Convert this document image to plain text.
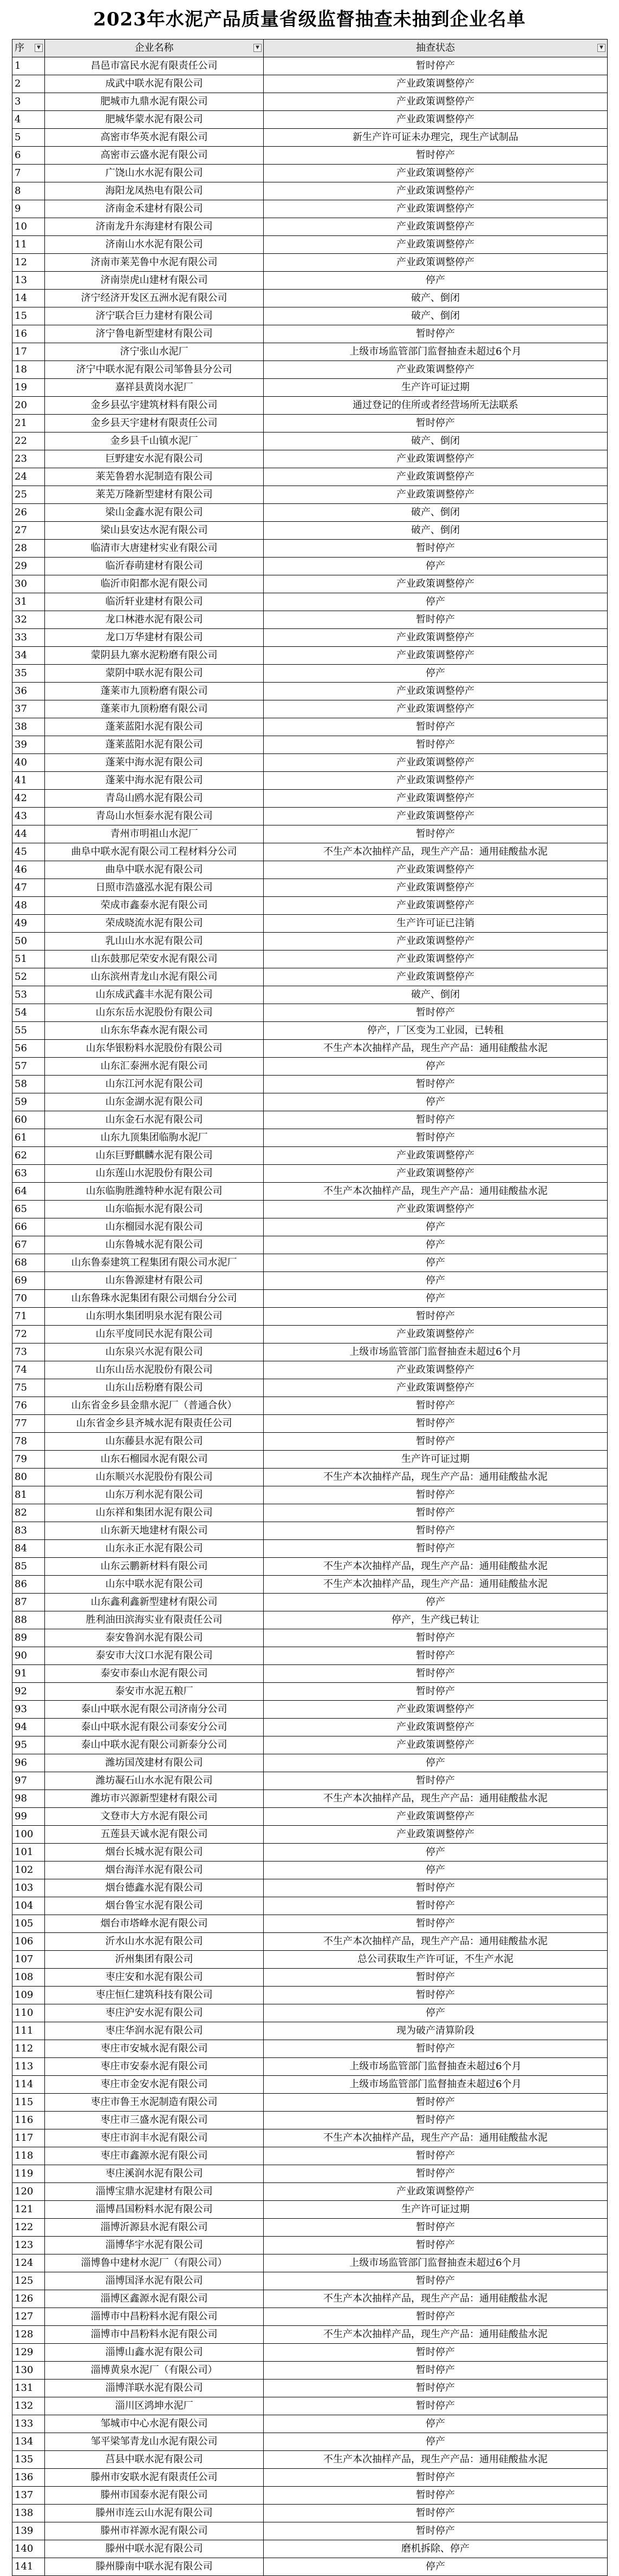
2023年水泥产品质量省级监督抽查未抽到企业名单
序 ▼	企业名称 ▼	抽查状态 ▼

1	昌邑市富民水泥有限责任公司	暂时停产
2	成武中联水泥有限公司	产业政策调整停产
3	肥城市九鼎水泥有限公司	产业政策调整停产
4	肥城华蒙水泥有限公司	产业政策调整停产
5	高密市华英水泥有限公司	新生产许可证未办理完，现生产试制品
6	高密市云盛水泥有限公司	暂时停产
7	广饶山水水泥有限公司	产业政策调整停产
8	海阳龙凤热电有限公司	产业政策调整停产
9	济南金禾建材有限公司	产业政策调整停产
10	济南龙升东海建材有限公司	产业政策调整停产
11	济南山水水泥有限公司	产业政策调整停产
12	济南市莱芜鲁中水泥有限公司	产业政策调整停产
13	济南崇虎山建材有限公司	停产
14	济宁经济开发区五洲水泥有限公司	破产、倒闭
15	济宁联合巨力建材有限公司	破产、倒闭
16	济宁鲁电新型建材有限公司	暂时停产
17	济宁张山水泥厂	上级市场监管部门监督抽查未超过6个月
18	济宁中联水泥有限公司邹鲁县分公司	产业政策调整停产
19	嘉祥县黄岗水泥厂	生产许可证过期
20	金乡县弘宇建筑材料有限公司	通过登记的住所或者经营场所无法联系
21	金乡县天宇建材有限责任公司	暂时停产
22	金乡县千山镇水泥厂	破产、倒闭
23	巨野建安水泥有限公司	产业政策调整停产
24	莱芜鲁碧水泥制造有限公司	产业政策调整停产
25	莱芜万隆新型建材有限公司	产业政策调整停产
26	梁山金鑫水泥有限公司	破产、倒闭
27	梁山县安达水泥有限公司	破产、倒闭
28	临清市大唐建材实业有限公司	暂时停产
29	临沂春萌建材有限公司	停产
30	临沂市阳都水泥有限公司	产业政策调整停产
31	临沂轩业建材有限公司	停产
32	龙口林港水泥有限公司	暂时停产
33	龙口万华建材有限公司	产业政策调整停产
34	蒙阴县九寨水泥粉磨有限公司	产业政策调整停产
35	蒙阴中联水泥有限公司	停产
36	蓬莱市九顶粉磨有限公司	产业政策调整停产
37	蓬莱市九顶粉磨有限公司	产业政策调整停产
38	蓬莱蓝阳水泥有限公司	暂时停产
39	蓬莱蓝阳水泥有限公司	暂时停产
40	蓬莱中海水泥有限公司	产业政策调整停产
41	蓬莱中海水泥有限公司	产业政策调整停产
42	青岛山鸥水泥有限公司	产业政策调整停产
43	青岛山水恒泰水泥有限公司	产业政策调整停产
44	青州市明祖山水泥厂	暂时停产
45	曲阜中联水泥有限公司工程材料分公司	不生产本次抽样产品，现生产产品：通用硅酸盐水泥
46	曲阜中联水泥有限公司	产业政策调整停产
47	日照市浩盛泓水泥有限公司	产业政策调整停产
48	荣成市鑫泰水泥有限公司	产业政策调整停产
49	荣成晓流水泥有限公司	生产许可证已注销
50	乳山山水水泥有限公司	产业政策调整停产
51	山东鼓那尼荣安水泥有限公司	产业政策调整停产
52	山东滨州青龙山水泥有限公司	产业政策调整停产
53	山东成武鑫丰水泥有限公司	破产、倒闭
54	山东东岳水泥股份有限公司	暂时停产
55	山东东华森水泥有限公司	停产，厂区变为工业园，已转租
56	山东华银粉料水泥股份有限公司	不生产本次抽样产品，现生产产品：通用硅酸盐水泥
57	山东汇泰洲水泥有限公司	停产
58	山东江河水泥有限公司	暂时停产
59	山东金湖水泥有限公司	停产
60	山东金石水泥有限公司	暂时停产
61	山东九顶集团临朐水泥厂	暂时停产
62	山东巨野麒麟水泥有限公司	产业政策调整停产
63	山东莲山水泥股份有限公司	产业政策调整停产
64	山东临朐胜潍特种水泥有限公司	不生产本次抽样产品，现生产产品：通用硅酸盐水泥
65	山东临振水泥有限公司	产业政策调整停产
66	山东榴园水泥有限公司	停产
67	山东鲁城水泥有限公司	停产
68	山东鲁泰建筑工程集团有限公司水泥厂	停产
69	山东鲁源建材有限公司	停产
70	山东鲁珠水泥集团有限公司烟台分公司	停产
71	山东明水集团明泉水泥有限公司	暂时停产
72	山东平度同民水泥有限公司	产业政策调整停产
73	山东泉兴水泥有限公司	上级市场监管部门监督抽查未超过6个月
74	山东山岳水泥股份有限公司	产业政策调整停产
75	山东山岳粉磨有限公司	产业政策调整停产
76	山东省金乡县金鼎水泥厂（普通合伙）	暂时停产
77	山东省金乡县齐城水泥有限责任公司	暂时停产
78	山东藤县水泥有限公司	暂时停产
79	山东石榴园水泥有限公司	生产许可证过期
80	山东顺兴水泥股份有限公司	不生产本次抽样产品，现生产产品：通用硅酸盐水泥
81	山东万利水泥有限公司	暂时停产
82	山东祥和集团水泥有限公司	暂时停产
83	山东新天地建材有限公司	暂时停产
84	山东永正水泥有限公司	暂时停产
85	山东云鹏新材料有限公司	不生产本次抽样产品，现生产产品：通用硅酸盐水泥
86	山东中联水泥有限公司	不生产本次抽样产品，现生产产品：通用硅酸盐水泥
87	山东鑫利鑫新型建材有限公司	停产
88	胜利油田滨海实业有限责任公司	停产，生产线已转让
89	泰安鲁润水泥有限公司	暂时停产
90	泰安市大汶口水泥有限公司	暂时停产
91	泰安市泰山水泥有限公司	暂时停产
92	泰安市水泥五粮厂	暂时停产
93	泰山中联水泥有限公司济南分公司	产业政策调整停产
94	泰山中联水泥有限公司泰安分公司	产业政策调整停产
95	泰山中联水泥有限公司新泰分公司	产业政策调整停产
96	潍坊国茂建材有限公司	停产
97	潍坊凝石山水水泥有限公司	暂时停产
98	潍坊市兴源新型建材有限公司	不生产本次抽样产品，现生产产品：通用硅酸盐水泥
99	文登市大方水泥有限公司	产业政策调整停产
100	五莲县天诚水泥有限公司	产业政策调整停产
101	烟台长城水泥有限公司	停产
102	烟台海洋水泥有限公司	停产
103	烟台德鑫水泥有限公司	暂时停产
104	烟台鲁宝水泥有限公司	暂时停产
105	烟台市塔峰水泥有限公司	暂时停产
106	沂水山水水泥有限公司	不生产本次抽样产品，现生产产品：通用硅酸盐水泥
107	沂州集团有限公司	总公司获取生产许可证，不生产水泥
108	枣庄安和水泥有限公司	暂时停产
109	枣庄恒仁建筑科技有限公司	暂时停产
110	枣庄沪安水泥有限公司	停产
111	枣庄华润水泥有限公司	现为破产清算阶段
112	枣庄市安城水泥有限公司	暂时停产
113	枣庄市安泰水泥有限公司	上级市场监管部门监督抽查未超过6个月
114	枣庄市金安水泥有限公司	上级市场监管部门监督抽查未超过6个月
115	枣庄市鲁王水泥制造有限公司	暂时停产
116	枣庄市三盛水泥有限公司	暂时停产
117	枣庄市润丰水泥有限公司	不生产本次抽样产品，现生产产品：通用硅酸盐水泥
118	枣庄市鑫源水泥有限公司	暂时停产
119	枣庄溪润水泥有限公司	暂时停产
120	淄博宝鼎水泥建材有限公司	产业政策调整停产
121	淄博昌国粉料水泥有限公司	生产许可证过期
122	淄博沂源县水泥有限公司	暂时停产
123	淄博华宇水泥有限公司	暂时停产
124	淄博鲁中建材水泥厂（有限公司）	上级市场监管部门监督抽查未超过6个月
125	淄博国泽水泥有限公司	暂时停产
126	淄博区鑫源水泥有限公司	不生产本次抽样产品，现生产产品：通用硅酸盐水泥
127	淄博市中昌粉料水泥有限公司	暂时停产
128	淄博市中昌粉料水泥有限公司	不生产本次抽样产品，现生产产品：通用硅酸盐水泥
129	淄博山鑫水泥有限公司	暂时停产
130	淄博黄泉水泥厂（有限公司）	暂时停产
131	淄博洋联水泥有限公司	暂时停产
132	淄川区鸿坤水泥厂	暂时停产
133	邹城市中心水泥有限公司	停产
134	邹平梁邹青龙山水泥有限公司	停产
135	莒县中联水泥有限公司	不生产本次抽样产品，现生产产品：通用硅酸盐水泥
136	滕州市安联水泥有限责任公司	暂时停产
137	滕州市国泰水泥有限公司	暂时停产
138	滕州市连云山水泥有限公司	暂时停产
139	滕州市祥源水泥有限公司	暂时停产
140	滕州中联水泥有限公司	磨机拆除、停产
141	滕州滕南中联水泥有限公司	停产
